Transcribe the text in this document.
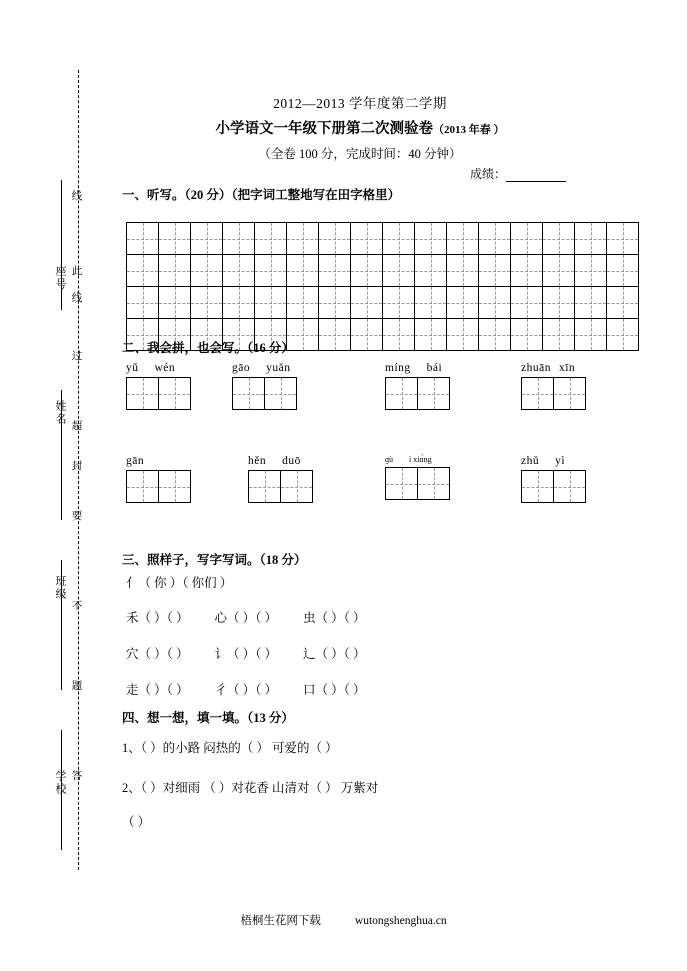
座号
姓名
班级
学校
线
此
线
过
超
封
要
不
题
答
2012—2013 学年度第二学期
小学语文一年级下册第二次测验卷（2013 年春 ）
（全卷 100 分，完成时间：40 分钟）
成绩：
一、听写。（20 分）（把字词工整地写在田字格里）
二、我会拼，也会写。（16 分）
yǔ wén	gāo yuǎn	míng bái	zhuān xīn
gān	hěn duō	ɡù ì xiɑ̀ng	zhǔ yì
三、照样子，写字写词。（18 分）
亻（ 你 ）（ 你们 ）
禾（ ）（ ） 心（ ）（ ） 虫（ ）（ ）
穴（ ）（ ） 讠（ ）（ ） 辶（ ）（ ）
走（ ）（ ） 彳（ ）（ ） 口（ ）（ ）
四、想一想，填一填。（13 分）
1、（ ）的小路 闷热的（ ） 可爱的（ ）
2、（ ）对细雨 （ ）对花香 山清对（ ） 万紫对
（ ）
梧桐生花网下载	wutongshenghua.cn
